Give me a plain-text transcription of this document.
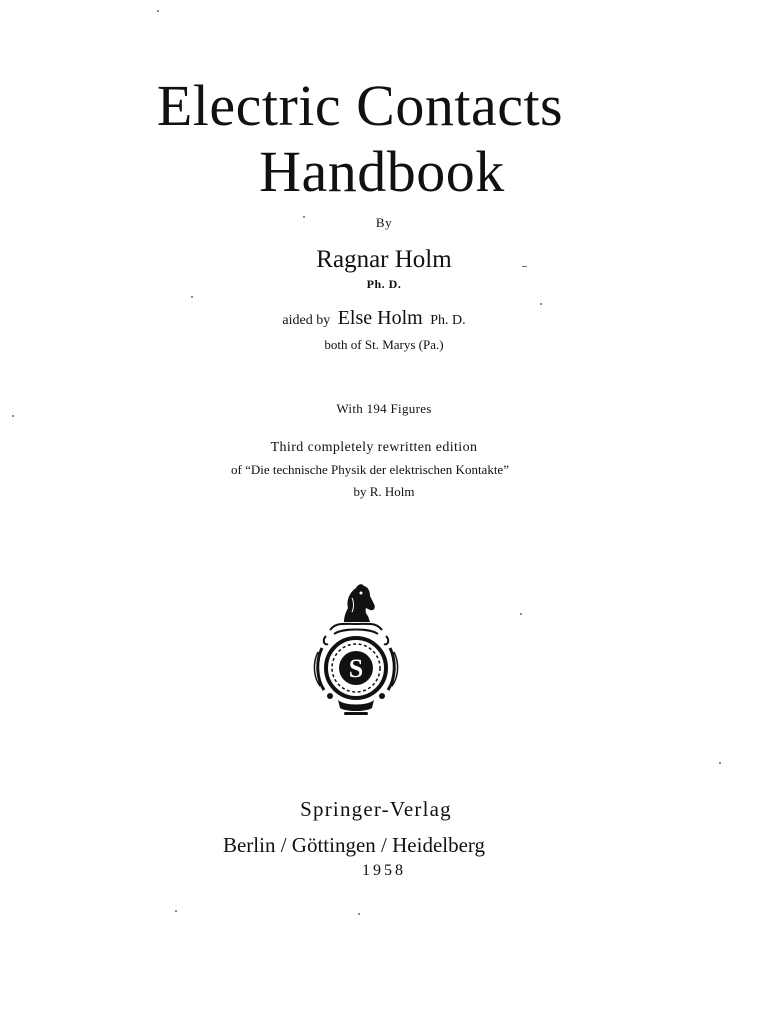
Electric Contacts
Handbook
By
Ragnar Holm
Ph. D.
aided by Else Holm Ph. D.
both of St. Marys (Pa.)
With 194 Figures
Third completely rewritten edition
of “Die technische Physik der elektrischen Kontakte”
by R. Holm
S
Springer-Verlag
Berlin / Göttingen / Heidelberg
1958
